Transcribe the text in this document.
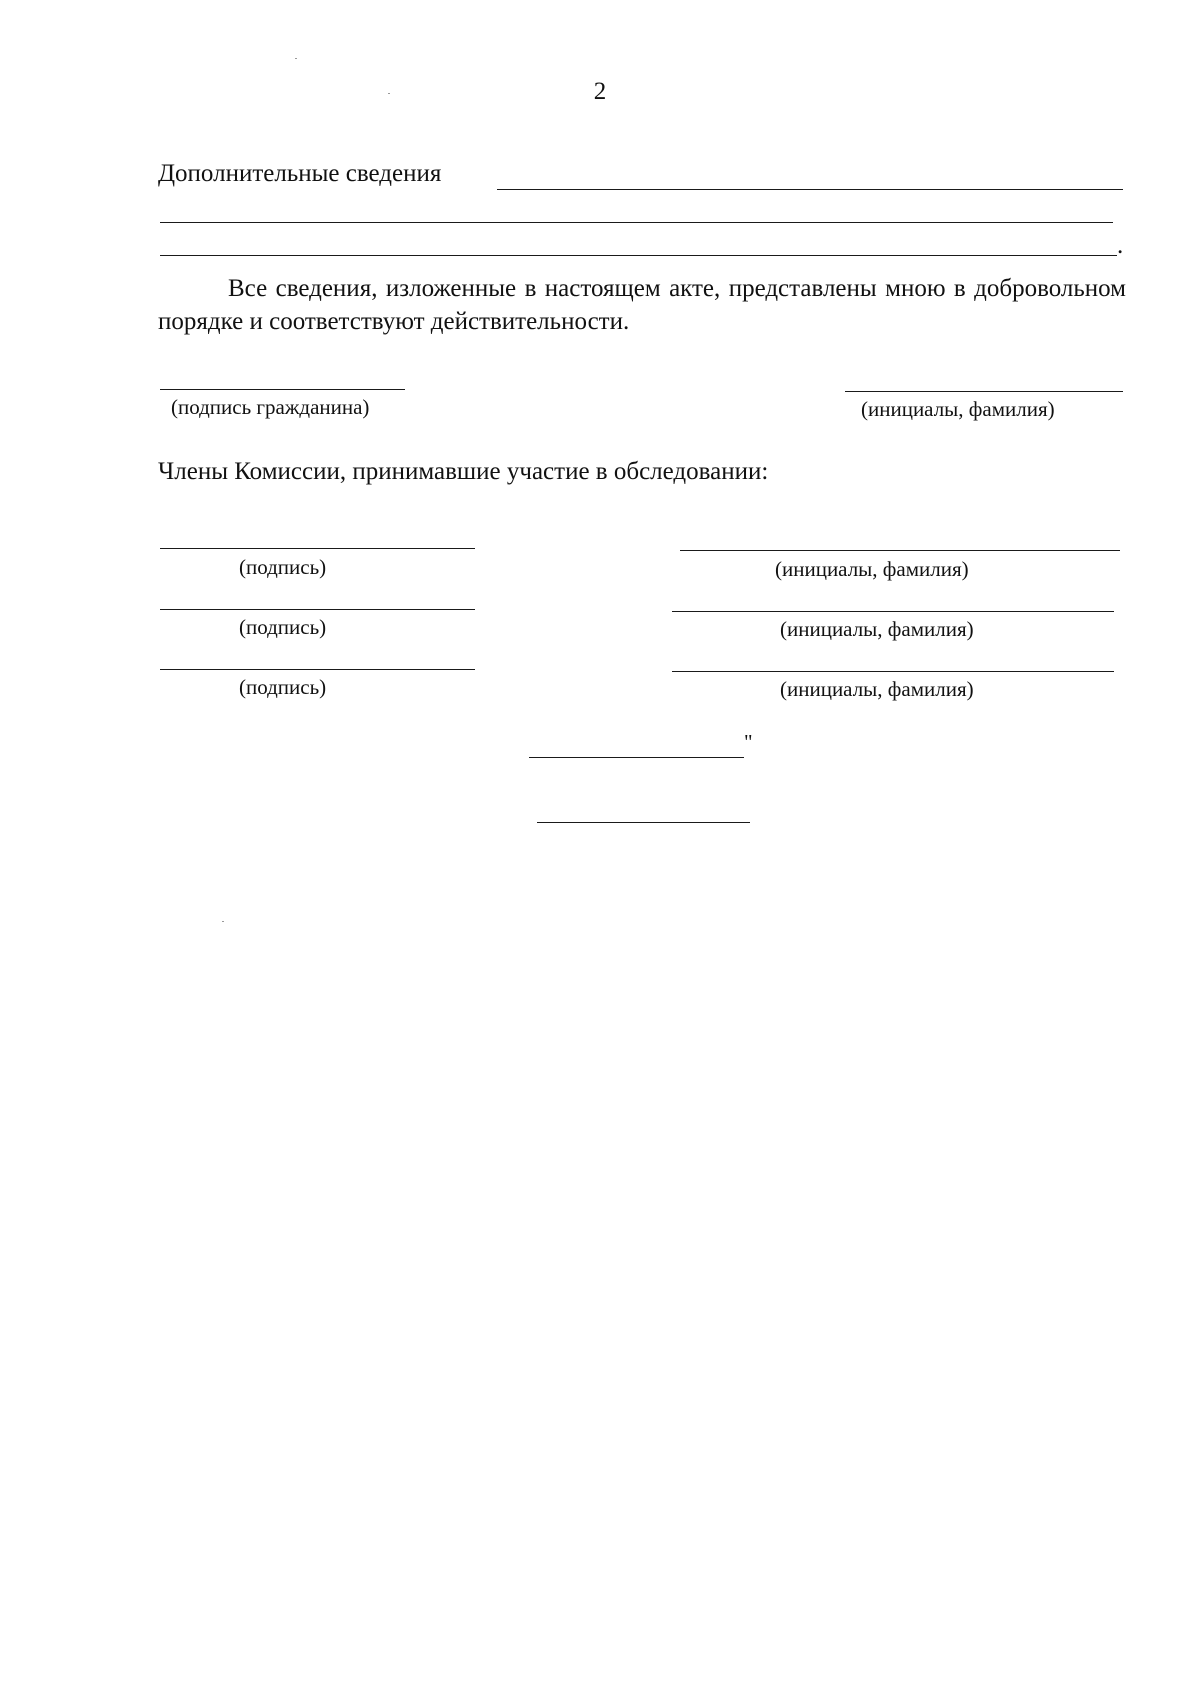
2
Дополнительные сведения
.
Все сведения, изложенные в настоящем акте, представлены мною в добровольном порядке и соответствуют действительности.
(подпись гражданина)	(инициалы, фамилия)
Члены Комиссии, принимавшие участие в обследовании:
(подпись)	(инициалы, фамилия)
(подпись)	(инициалы, фамилия)
(подпись)	(инициалы, фамилия)
"
